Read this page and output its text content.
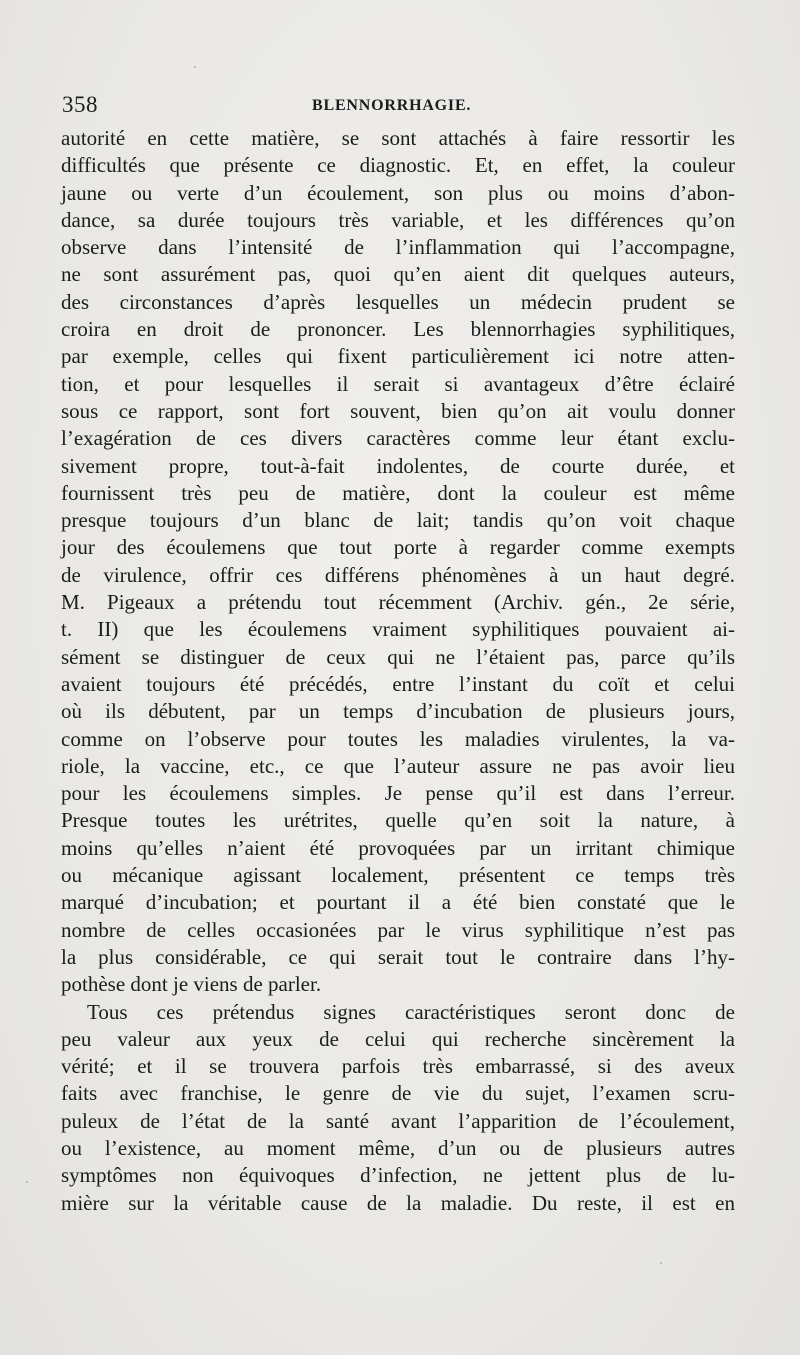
358	BLENNORRHAGIE.
autorité en cette matière, se sont attachés à faire ressortir les
difficultés que présente ce diagnostic. Et, en effet, la couleur
jaune ou verte d’un écoulement, son plus ou moins d’abon-
dance, sa durée toujours très variable, et les différences qu’on
observe dans l’intensité de l’inflammation qui l’accompagne,
ne sont assurément pas, quoi qu’en aient dit quelques auteurs,
des circonstances d’après lesquelles un médecin prudent se
croira en droit de prononcer. Les blennorrhagies syphilitiques,
par exemple, celles qui fixent particulièrement ici notre atten-
tion, et pour lesquelles il serait si avantageux d’être éclairé
sous ce rapport, sont fort souvent, bien qu’on ait voulu donner
l’exagération de ces divers caractères comme leur étant exclu-
sivement propre, tout-à-fait indolentes, de courte durée, et
fournissent très peu de matière, dont la couleur est même
presque toujours d’un blanc de lait; tandis qu’on voit chaque
jour des écoulemens que tout porte à regarder comme exempts
de virulence, offrir ces différens phénomènes à un haut degré.
M. Pigeaux a prétendu tout récemment (Archiv. gén., 2e série,
t. II) que les écoulemens vraiment syphilitiques pouvaient ai-
sément se distinguer de ceux qui ne l’étaient pas, parce qu’ils
avaient toujours été précédés, entre l’instant du coït et celui
où ils débutent, par un temps d’incubation de plusieurs jours,
comme on l’observe pour toutes les maladies virulentes, la va-
riole, la vaccine, etc., ce que l’auteur assure ne pas avoir lieu
pour les écoulemens simples. Je pense qu’il est dans l’erreur.
Presque toutes les urétrites, quelle qu’en soit la nature, à
moins qu’elles n’aient été provoquées par un irritant chimique
ou mécanique agissant localement, présentent ce temps très
marqué d’incubation; et pourtant il a été bien constaté que le
nombre de celles occasionées par le virus syphilitique n’est pas
la plus considérable, ce qui serait tout le contraire dans l’hy-
pothèse dont je viens de parler.
Tous ces prétendus signes caractéristiques seront donc de
peu valeur aux yeux de celui qui recherche sincèrement la
vérité; et il se trouvera parfois très embarrassé, si des aveux
faits avec franchise, le genre de vie du sujet, l’examen scru-
puleux de l’état de la santé avant l’apparition de l’écoulement,
ou l’existence, au moment même, d’un ou de plusieurs autres
symptômes non équivoques d’infection, ne jettent plus de lu-
mière sur la véritable cause de la maladie. Du reste, il est en
